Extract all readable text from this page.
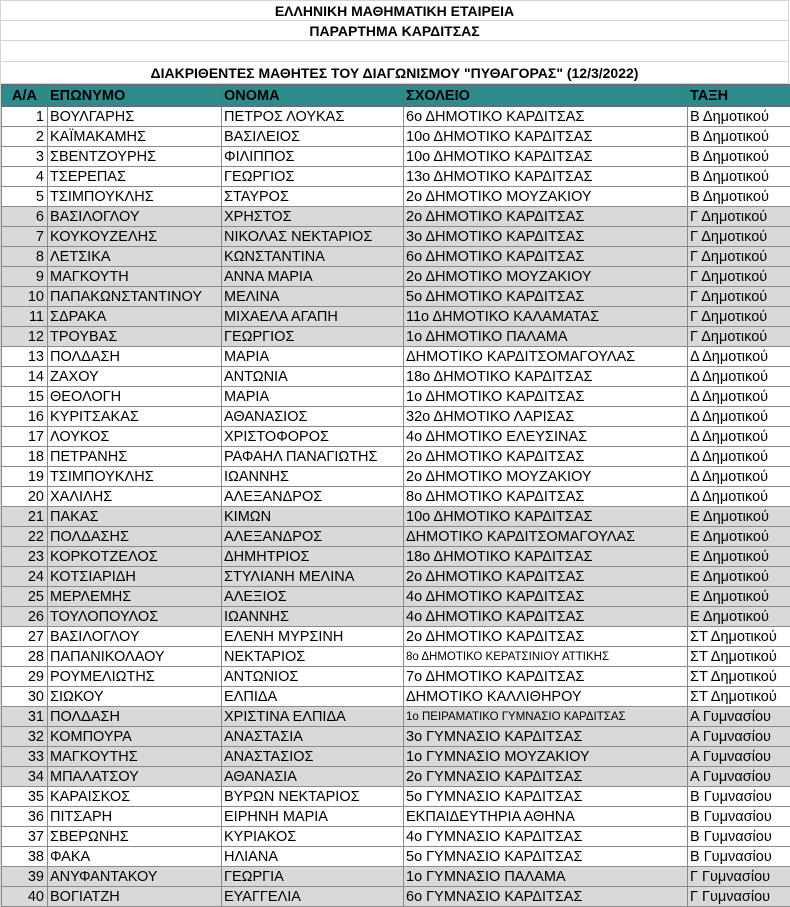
ΕΛΛΗΝΙΚΗ ΜΑΘΗΜΑΤΙΚΗ ΕΤΑΙΡΕΙΑ
ΠΑΡΑΡΤΗΜΑ ΚΑΡΔΙΤΣΑΣ
ΔΙΑΚΡΙΘΕΝΤΕΣ ΜΑΘΗΤΕΣ ΤΟΥ ΔΙΑΓΩΝΙΣΜΟΥ "ΠΥΘΑΓΟΡΑΣ" (12/3/2022)
Α/Α	ΕΠΩΝΥΜΟ	ΟΝΟΜΑ	ΣΧΟΛΕΙΟ	ΤΑΞΗ
1	ΒΟΥΛΓΑΡΗΣ	ΠΕΤΡΟΣ ΛΟΥΚΑΣ	6ο ΔΗΜΟΤΙΚΟ ΚΑΡΔΙΤΣΑΣ	Β Δημοτικού
2	ΚΑΪΜΑΚΑΜΗΣ	ΒΑΣΙΛΕΙΟΣ	10ο ΔΗΜΟΤΙΚΟ ΚΑΡΔΙΤΣΑΣ	Β Δημοτικού
3	ΣΒΕΝΤΖΟΥΡΗΣ	ΦΙΛΙΠΠΟΣ	10ο ΔΗΜΟΤΙΚΟ ΚΑΡΔΙΤΣΑΣ	Β Δημοτικού
4	ΤΣΕΡΕΠΑΣ	ΓΕΩΡΓΙΟΣ	13ο ΔΗΜΟΤΙΚΟ ΚΑΡΔΙΤΣΑΣ	Β Δημοτικού
5	ΤΣΙΜΠΟΥΚΛΗΣ	ΣΤΑΥΡΟΣ	2ο ΔΗΜΟΤΙΚΟ ΜΟΥΖΑΚΙΟΥ	Β Δημοτικού
6	ΒΑΣΙΛΟΓΛΟΥ	ΧΡΗΣΤΟΣ	2ο ΔΗΜΟΤΙΚΟ ΚΑΡΔΙΤΣΑΣ	Γ Δημοτικού
7	ΚΟΥΚΟΥΖΕΛΗΣ	ΝΙΚΟΛΑΣ ΝΕΚΤΑΡΙΟΣ	3ο ΔΗΜΟΤΙΚΟ ΚΑΡΔΙΤΣΑΣ	Γ Δημοτικού
8	ΛΕΤΣΙΚΑ	ΚΩΝΣΤΑΝΤΙΝΑ	6ο ΔΗΜΟΤΙΚΟ ΚΑΡΔΙΤΣΑΣ	Γ Δημοτικού
9	ΜΑΓΚΟΥΤΗ	ΑΝΝΑ ΜΑΡΙΑ	2ο ΔΗΜΟΤΙΚΟ ΜΟΥΖΑΚΙΟΥ	Γ Δημοτικού
10	ΠΑΠΑΚΩΝΣΤΑΝΤΙΝΟΥ	ΜΕΛΙΝΑ	5ο ΔΗΜΟΤΙΚΟ ΚΑΡΔΙΤΣΑΣ	Γ Δημοτικού
11	ΣΔΡΑΚΑ	ΜΙΧΑΕΛΑ ΑΓΑΠΗ	11ο ΔΗΜΟΤΙΚΟ ΚΑΛΑΜΑΤΑΣ	Γ Δημοτικού
12	ΤΡΟΥΒΑΣ	ΓΕΩΡΓΙΟΣ	1ο ΔΗΜΟΤΙΚΟ ΠΑΛΑΜΑ	Γ Δημοτικού
13	ΠΟΛΔΑΣΗ	ΜΑΡΙΑ	ΔΗΜΟΤΙΚΟ ΚΑΡΔΙΤΣΟΜΑΓΟΥΛΑΣ	Δ Δημοτικού
14	ΖΑΧΟΥ	ΑΝΤΩΝΙΑ	18ο ΔΗΜΟΤΙΚΟ ΚΑΡΔΙΤΣΑΣ	Δ Δημοτικού
15	ΘΕΟΛΟΓΗ	ΜΑΡΙΑ	1ο ΔΗΜΟΤΙΚΟ ΚΑΡΔΙΤΣΑΣ	Δ Δημοτικού
16	ΚΥΡΙΤΣΑΚΑΣ	ΑΘΑΝΑΣΙΟΣ	32ο ΔΗΜΟΤΙΚΟ ΛΑΡΙΣΑΣ	Δ Δημοτικού
17	ΛΟΥΚΟΣ	ΧΡΙΣΤΟΦΟΡΟΣ	4ο ΔΗΜΟΤΙΚΟ ΕΛΕΥΣΙΝΑΣ	Δ Δημοτικού
18	ΠΕΤΡΑΝΗΣ	ΡΑΦΑΗΛ ΠΑΝΑΓΙΩΤΗΣ	2ο ΔΗΜΟΤΙΚΟ ΚΑΡΔΙΤΣΑΣ	Δ Δημοτικού
19	ΤΣΙΜΠΟΥΚΛΗΣ	ΙΩΑΝΝΗΣ	2ο ΔΗΜΟΤΙΚΟ ΜΟΥΖΑΚΙΟΥ	Δ Δημοτικού
20	ΧΑΛΙΛΗΣ	ΑΛΕΞΑΝΔΡΟΣ	8ο ΔΗΜΟΤΙΚΟ ΚΑΡΔΙΤΣΑΣ	Δ Δημοτικού
21	ΠΑΚΑΣ	ΚΙΜΩΝ	10ο ΔΗΜΟΤΙΚΟ ΚΑΡΔΙΤΣΑΣ	Ε Δημοτικού
22	ΠΟΛΔΑΣΗΣ	ΑΛΕΞΑΝΔΡΟΣ	ΔΗΜΟΤΙΚΟ ΚΑΡΔΙΤΣΟΜΑΓΟΥΛΑΣ	Ε Δημοτικού
23	ΚΟΡΚΟΤΖΕΛΟΣ	ΔΗΜΗΤΡΙΟΣ	18ο ΔΗΜΟΤΙΚΟ ΚΑΡΔΙΤΣΑΣ	Ε Δημοτικού
24	ΚΟΤΣΙΑΡΙΔΗ	ΣΤΥΛΙΑΝΗ ΜΕΛΙΝΑ	2ο ΔΗΜΟΤΙΚΟ ΚΑΡΔΙΤΣΑΣ	Ε Δημοτικού
25	ΜΕΡΛΕΜΗΣ	ΑΛΕΞΙΟΣ	4ο ΔΗΜΟΤΙΚΟ ΚΑΡΔΙΤΣΑΣ	Ε Δημοτικού
26	ΤΟΥΛΟΠΟΥΛΟΣ	ΙΩΑΝΝΗΣ	4ο ΔΗΜΟΤΙΚΟ ΚΑΡΔΙΤΣΑΣ	Ε Δημοτικού
27	ΒΑΣΙΛΟΓΛΟΥ	ΕΛΕΝΗ ΜΥΡΣΙΝΗ	2ο ΔΗΜΟΤΙΚΟ ΚΑΡΔΙΤΣΑΣ	ΣΤ Δημοτικού
28	ΠΑΠΑΝΙΚΟΛΑΟΥ	ΝΕΚΤΑΡΙΟΣ	8ο ΔΗΜΟΤΙΚΟ ΚΕΡΑΤΣΙΝΙΟΥ ΑΤΤΙΚΗΣ	ΣΤ Δημοτικού
29	ΡΟΥΜΕΛΙΩΤΗΣ	ΑΝΤΩΝΙΟΣ	7ο ΔΗΜΟΤΙΚΟ ΚΑΡΔΙΤΣΑΣ	ΣΤ Δημοτικού
30	ΣΙΩΚΟΥ	ΕΛΠΙΔΑ	ΔΗΜΟΤΙΚΟ ΚΑΛΛΙΘΗΡΟΥ	ΣΤ Δημοτικού
31	ΠΟΛΔΑΣΗ	ΧΡΙΣΤΙΝΑ ΕΛΠΙΔΑ	1ο ΠΕΙΡΑΜΑΤΙΚΟ ΓΥΜΝΑΣΙΟ ΚΑΡΔΙΤΣΑΣ	Α Γυμνασίου
32	ΚΟΜΠΟΥΡΑ	ΑΝΑΣΤΑΣΙΑ	3ο ΓΥΜΝΑΣΙΟ ΚΑΡΔΙΤΣΑΣ	Α Γυμνασίου
33	ΜΑΓΚΟΥΤΗΣ	ΑΝΑΣΤΑΣΙΟΣ	1ο ΓΥΜΝΑΣΙΟ ΜΟΥΖΑΚΙΟΥ	Α Γυμνασίου
34	ΜΠΑΛΑΤΣΟΥ	ΑΘΑΝΑΣΙΑ	2ο ΓΥΜΝΑΣΙΟ ΚΑΡΔΙΤΣΑΣ	Α Γυμνασίου
35	ΚΑΡΑΙΣΚΟΣ	ΒΥΡΩΝ ΝΕΚΤΑΡΙΟΣ	5ο ΓΥΜΝΑΣΙΟ ΚΑΡΔΙΤΣΑΣ	Β Γυμνασίου
36	ΠΙΤΣΑΡΗ	ΕΙΡΗΝΗ ΜΑΡΙΑ	ΕΚΠΑΙΔΕΥΤΗΡΙΑ ΑΘΗΝΑ	Β Γυμνασίου
37	ΣΒΕΡΩΝΗΣ	ΚΥΡΙΑΚΟΣ	4ο ΓΥΜΝΑΣΙΟ ΚΑΡΔΙΤΣΑΣ	Β Γυμνασίου
38	ΦΑΚΑ	ΗΛΙΑΝΑ	5ο ΓΥΜΝΑΣΙΟ ΚΑΡΔΙΤΣΑΣ	Β Γυμνασίου
39	ΑΝΥΦΑΝΤΑΚΟΥ	ΓΕΩΡΓΙΑ	1ο ΓΥΜΝΑΣΙΟ ΠΑΛΑΜΑ	Γ Γυμνασίου
40	ΒΟΓΙΑΤΖΗ	ΕΥΑΓΓΕΛΙΑ	6ο ΓΥΜΝΑΣΙΟ ΚΑΡΔΙΤΣΑΣ	Γ Γυμνασίου
